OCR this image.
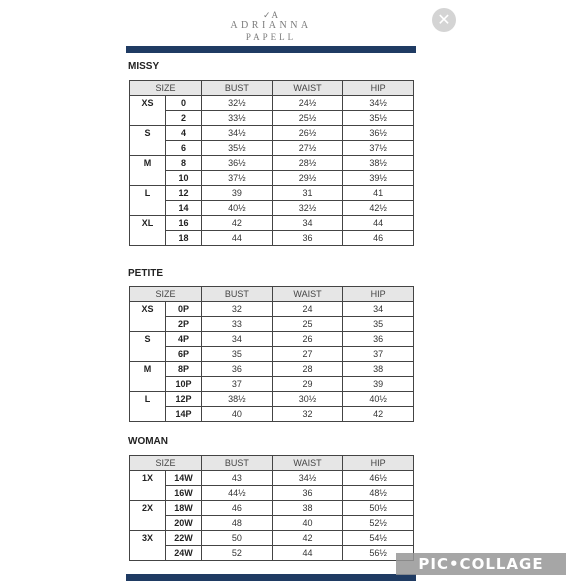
✓A
ADRIANNA
PAPELL
MISSY
SIZE		BUST	WAIST	HIP
XS	0	32½	24½	34½
	2	33½	25½	35½
S	4	34½	26½	36½
	6	35½	27½	37½
M	8	36½	28½	38½
	10	37½	29½	39½
L	12	39	31	41
	14	40½	32½	42½
XL	16	42	34	44
	18	44	36	46
PETITE
SIZE		BUST	WAIST	HIP
XS	0P	32	24	34
	2P	33	25	35
S	4P	34	26	36
	6P	35	27	37
M	8P	36	28	38
	10P	37	29	39
L	12P	38½	30½	40½
	14P	40	32	42
WOMAN
SIZE		BUST	WAIST	HIP
1X	14W	43	34½	46½
	16W	44½	36	48½
2X	18W	46	38	50½
	20W	48	40	52½
3X	22W	50	42	54½
	24W	52	44	56½
✕
PIC•COLLAGE
